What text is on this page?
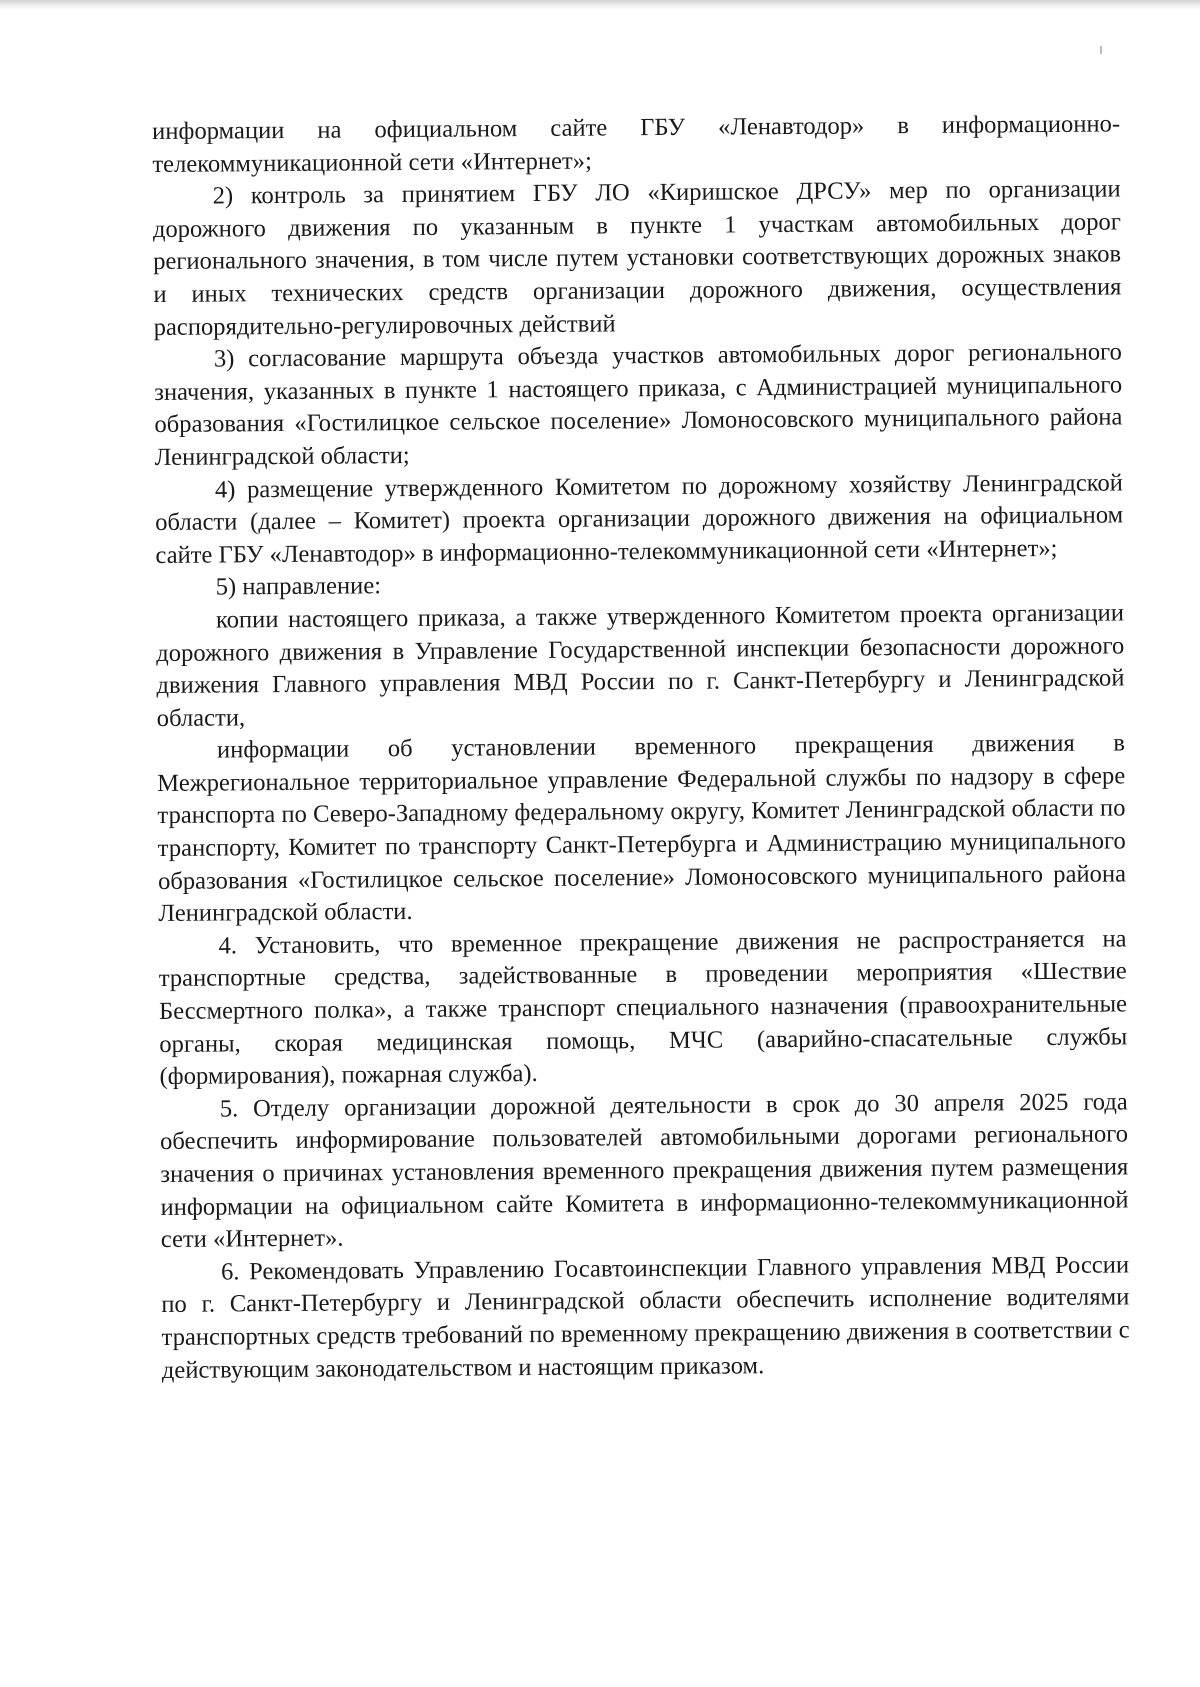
информации на официальном сайте ГБУ «Ленавтодор» в информационно-телекоммуникационной сети «Интернет»;

2) контроль за принятием ГБУ ЛО «Киришское ДРСУ» мер по организации дорожного движения по указанным в пункте 1 участкам автомобильных дорог регионального значения, в том числе путем установки соответствующих дорожных знаков и иных технических средств организации дорожного движения, осуществления распорядительно-регулировочных действий

3) согласование маршрута объезда участков автомобильных дорог регионального значения, указанных в пункте 1 настоящего приказа, с Администрацией муниципального образования «Гостилицкое сельское поселение» Ломоносовского муниципального района Ленинградской области;

4) размещение утвержденного Комитетом по дорожному хозяйству Ленинградской области (далее – Комитет) проекта организации дорожного движения на официальном сайте ГБУ «Ленавтодор» в информационно-телекоммуникационной сети «Интернет»;

5) направление:

копии настоящего приказа, а также утвержденного Комитетом проекта организации дорожного движения в Управление Государственной инспекции безопасности дорожного движения Главного управления МВД России по г. Санкт-Петербургу и Ленинградской области,

информации об установлении временного прекращения движения в Межрегиональное территориальное управление Федеральной службы по надзору в сфере транспорта по Северо-Западному федеральному округу, Комитет Ленинградской области по транспорту, Комитет по транспорту Санкт-Петербурга и Администрацию муниципального образования «Гостилицкое сельское поселение» Ломоносовского муниципального района Ленинградской области.

4. Установить, что временное прекращение движения не распространяется на транспортные средства, задействованные в проведении мероприятия «Шествие Бессмертного полка», а также транспорт специального назначения (правоохранительные органы, скорая медицинская помощь, МЧС (аварийно-спасательные службы (формирования), пожарная служба).

5. Отделу организации дорожной деятельности в срок до 30 апреля 2025 года обеспечить информирование пользователей автомобильными дорогами регионального значения о причинах установления временного прекращения движения путем размещения информации на официальном сайте Комитета в информационно-телекоммуникационной сети «Интернет».

6. Рекомендовать Управлению Госавтоинспекции Главного управления МВД России по г. Санкт-Петербургу и Ленинградской области обеспечить исполнение водителями транспортных средств требований по временному прекращению движения в соответствии с действующим законодательством и настоящим приказом.
